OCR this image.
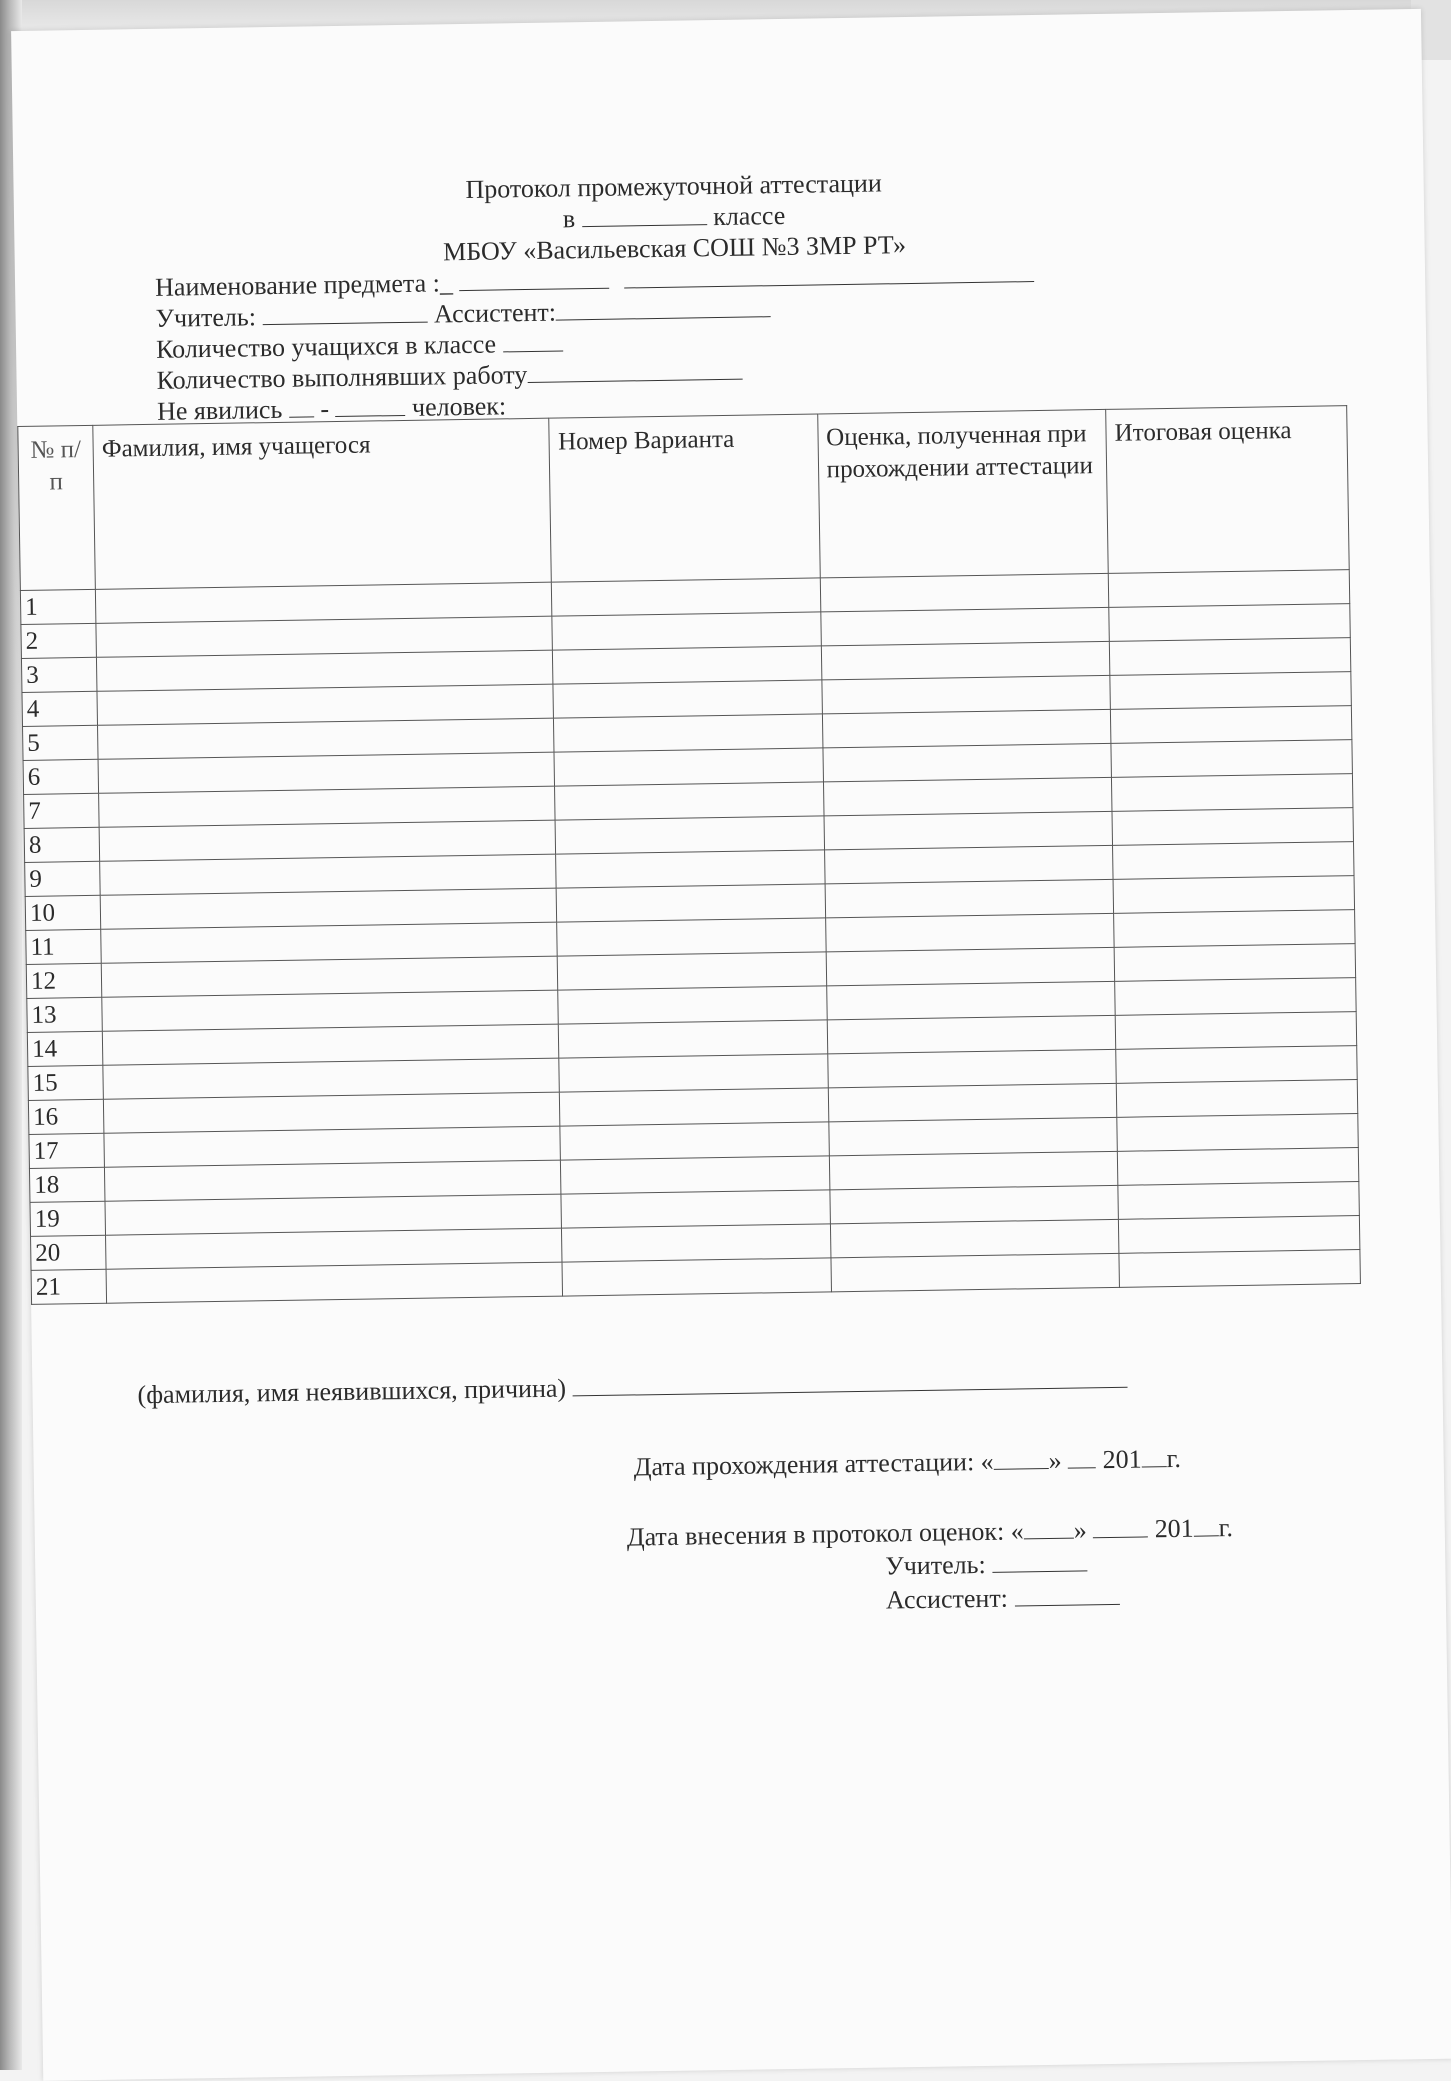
Протокол промежуточной аттестации
в	классе
МБОУ «Васильевская СОШ №3 ЗМР РТ»
Наименование предмета :_
Учитель:	Ассистент:
Количество учащихся в классе
Количество выполнявших работу
Не явились -	человек:
№ п/п	Фамилия, имя учащегося	Номер Варианта	Оценка, полученная при прохождении аттестации	Итоговая оценка
1				
2				
3				
4				
5				
6				
7				
8				
9				
10				
11				
12				
13				
14				
15				
16				
17				
18				
19				
20				
21				
(фамилия, имя неявившихся, причина)
Дата прохождения аттестации: « » 201 г.
Дата внесения в протокол оценок: « »	201 г.
Учитель:
Ассистент:
